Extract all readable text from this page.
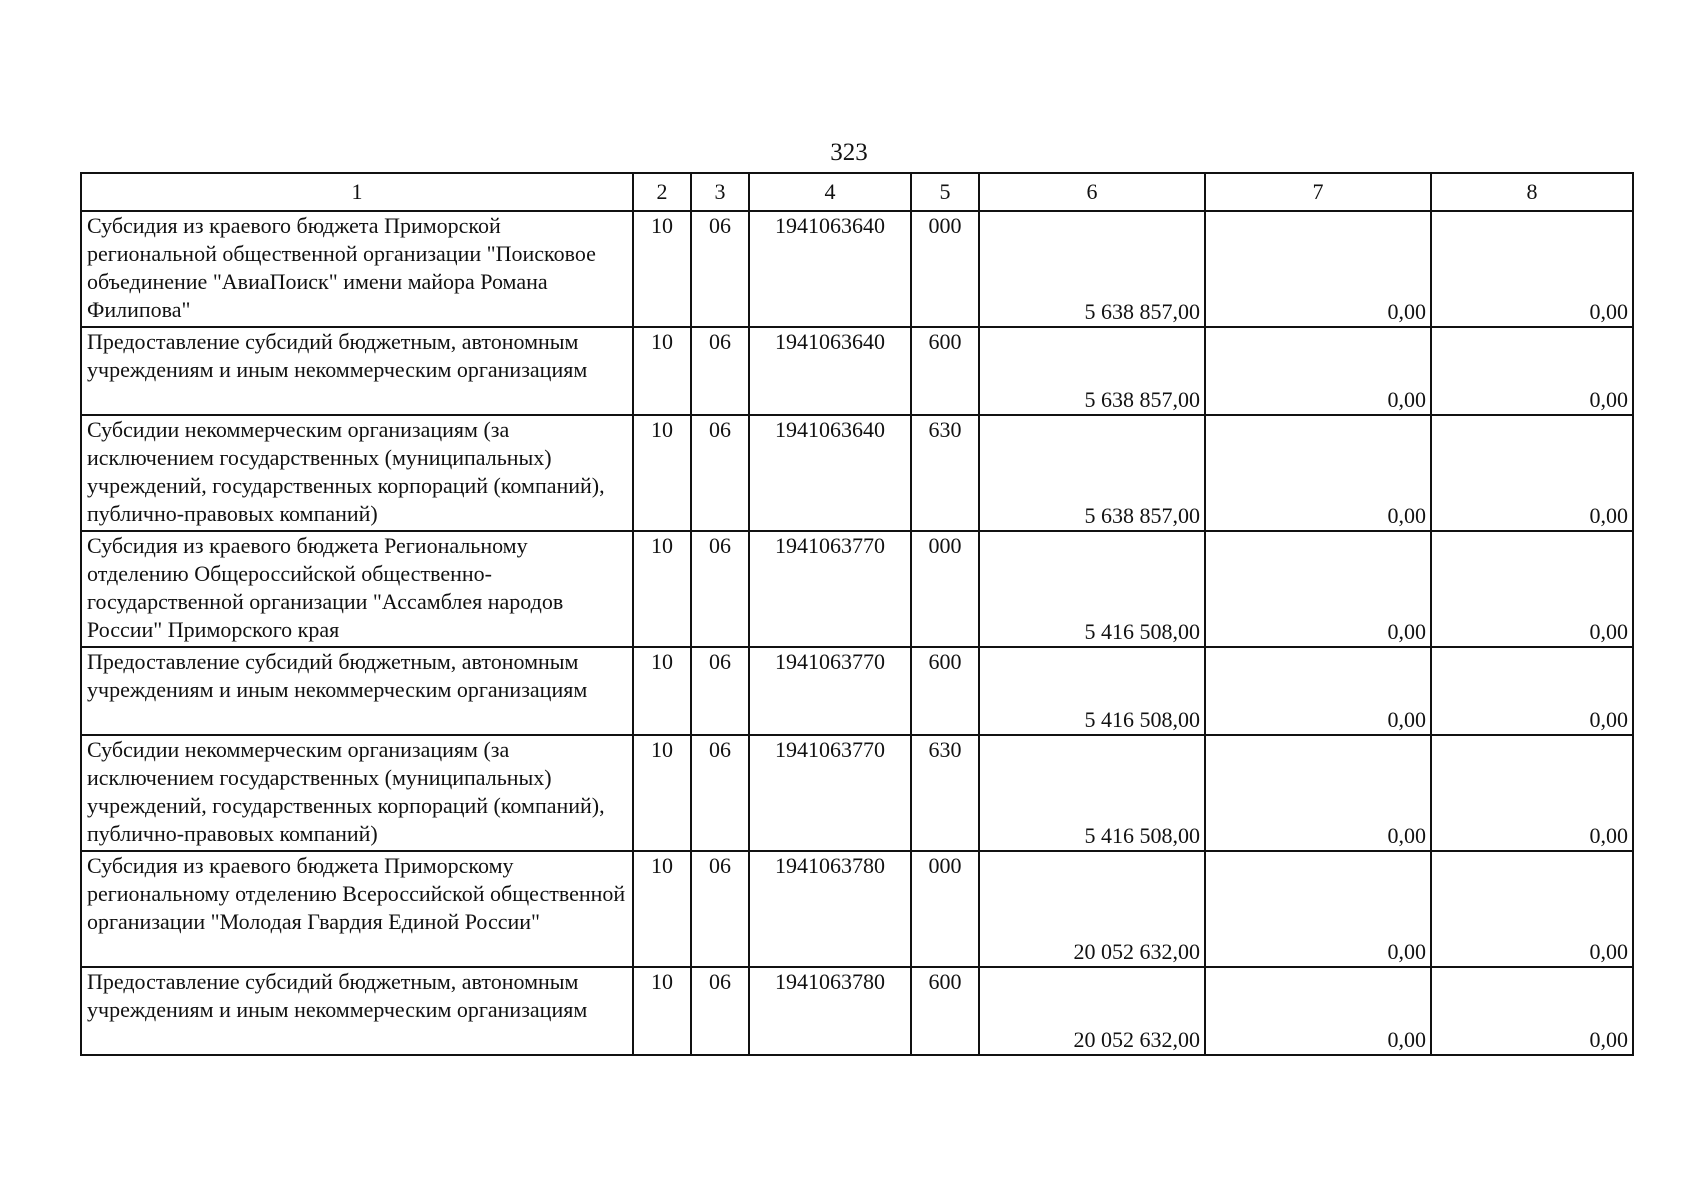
323
1	2	3	4	5	6	7	8
Субсидия из краевого бюджета Приморской региональной общественной организации "Поисковое объединение "АвиаПоиск" имени майора Романа Филипова"	10	06	1941063640	000	5 638 857,00	0,00	0,00
Предоставление субсидий бюджетным, автономным учреждениям и иным некоммерческим организациям	10	06	1941063640	600	5 638 857,00	0,00	0,00
Субсидии некоммерческим организациям (за исключением государственных (муниципальных) учреждений, государственных корпораций (компаний), публично-правовых компаний)	10	06	1941063640	630	5 638 857,00	0,00	0,00
Субсидия из краевого бюджета Региональному отделению Общероссийской общественно-государственной организации "Ассамблея народов России" Приморского края	10	06	1941063770	000	5 416 508,00	0,00	0,00
Предоставление субсидий бюджетным, автономным учреждениям и иным некоммерческим организациям	10	06	1941063770	600	5 416 508,00	0,00	0,00
Субсидии некоммерческим организациям (за исключением государственных (муниципальных) учреждений, государственных корпораций (компаний), публично-правовых компаний)	10	06	1941063770	630	5 416 508,00	0,00	0,00
Субсидия из краевого бюджета Приморскому региональному отделению Всероссийской общественной организации "Молодая Гвардия Единой России"	10	06	1941063780	000	20 052 632,00	0,00	0,00
Предоставление субсидий бюджетным, автономным учреждениям и иным некоммерческим организациям	10	06	1941063780	600	20 052 632,00	0,00	0,00
